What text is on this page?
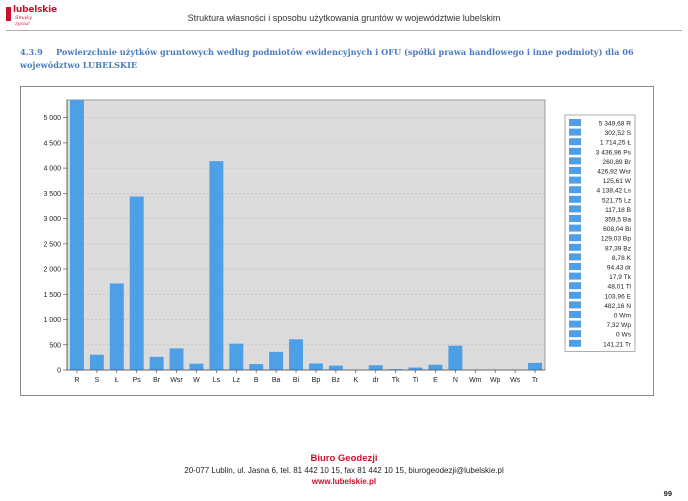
lubelskie
Smaky życia!
Struktura własności i sposobu użytkowania gruntów w województwie lubelskim
4.3.9 Powierzchnie użytków gruntowych według podmiotów ewidencyjnych i OFU (spółki prawa handlowego i inne podmioty) dla 06 województwo LUBELSKIE
0
500
1 000
1 500
2 000
2 500
3 000
3 500
4 000
4 500
5 000
R S Ł Ps Br Wsr W Ls Lz B Ba Bi Bp Bz K dr Tk Ti E N Wm Wp Ws Tr
5 349,68 R
302,52 S
1 714,25 Ł
3 436,96 Ps
260,89 Br
426,92 Wsr
125,61 W
4 138,42 Ls
521,75 Lz
117,18 B
359,5 Ba
608,04 Bi
129,03 Bp
87,39 Bz
8,78 K
94,43 dr
17,9 Tk
48,01 Ti
103,96 E
482,16 N
0 Wm
7,32 Wp
0 Ws
141,21 Tr
Biuro Geodezji
20-077 Lublin, ul. Jasna 6, tel. 81 442 10 15, fax 81 442 10 15, biurogeodezji@lubelskie.pl
www.lubelskie.pl
99
